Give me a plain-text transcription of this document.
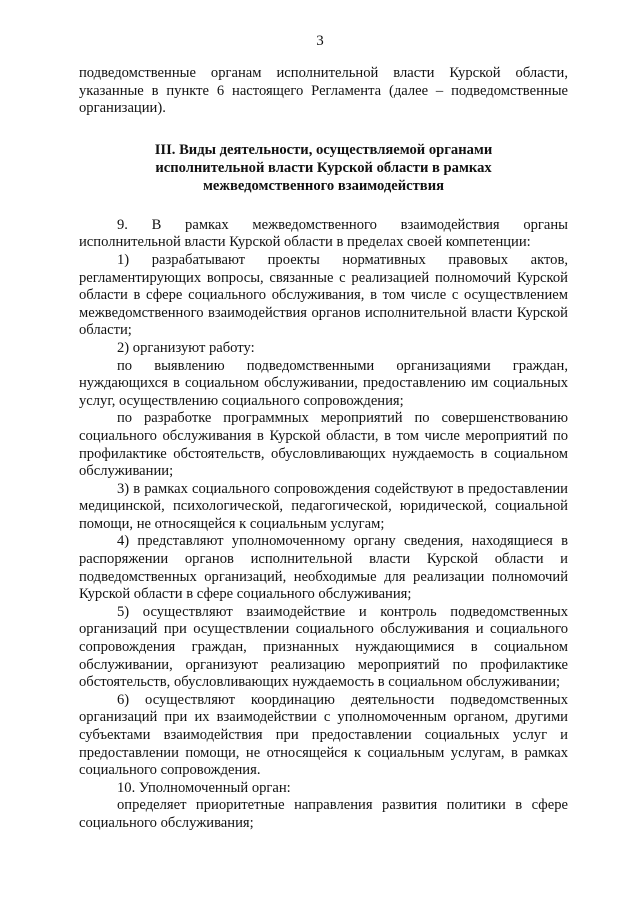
3

подведомственные органам исполнительной власти Курской области, указанные в пункте 6 настоящего Регламента (далее – подведомственные организации).

III. Виды деятельности, осуществляемой органами исполнительной власти Курской области в рамках межведомственного взаимодействия

9. В рамках межведомственного взаимодействия органы исполнительной власти Курской области в пределах своей компетенции:

1) разрабатывают проекты нормативных правовых актов, регламентирующих вопросы, связанные с реализацией полномочий Курской области в сфере социального обслуживания, в том числе с осуществлением межведомственного взаимодействия органов исполнительной власти Курской области;

2) организуют работу:

по выявлению подведомственными организациями граждан, нуждающихся в социальном обслуживании, предоставлению им социальных услуг, осуществлению социального сопровождения;

по разработке программных мероприятий по совершенствованию социального обслуживания в Курской области, в том числе мероприятий по профилактике обстоятельств, обусловливающих нуждаемость в социальном обслуживании;

3) в рамках социального сопровождения содействуют в предоставлении медицинской, психологической, педагогической, юридической, социальной помощи, не относящейся к социальным услугам;

4) представляют уполномоченному органу сведения, находящиеся в распоряжении органов исполнительной власти Курской области и подведомственных организаций, необходимые для реализации полномочий Курской области в сфере социального обслуживания;

5) осуществляют взаимодействие и контроль подведомственных организаций при осуществлении социального обслуживания и социального сопровождения граждан, признанных нуждающимися в социальном обслуживании, организуют реализацию мероприятий по профилактике обстоятельств, обусловливающих нуждаемость в социальном обслуживании;

6) осуществляют координацию деятельности подведомственных организаций при их взаимодействии с уполномоченным органом, другими субъектами взаимодействия при предоставлении социальных услуг и предоставлении помощи, не относящейся к социальным услугам, в рамках социального сопровождения.

10. Уполномоченный орган:

определяет приоритетные направления развития политики в сфере социального обслуживания;
